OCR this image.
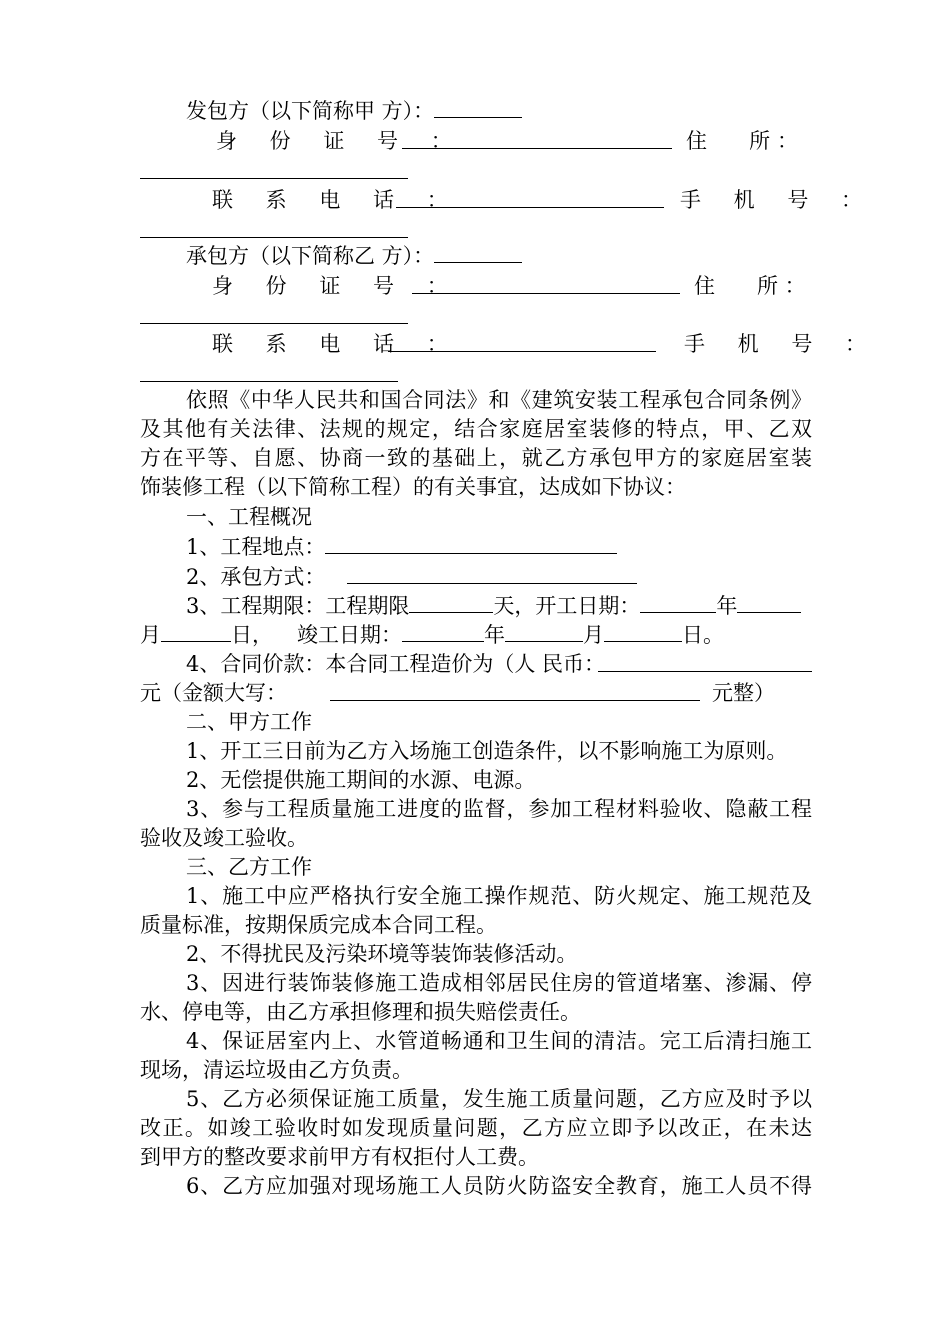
发包方（以下简称甲 方）：
身 份 证 号 ：	住　　所 ：
联 系 电 话 ：	手 机 号 ：
承包方（以下简称乙 方）：
身 份 证 号 ：	住　　所 ：
联 系 电 话 ：	手 机 号 ：
依照《中华人民共和国合同法》和《建筑安装工程承包合同条例》
及其他有关法律、法规的规定，结合家庭居室装修的特点，甲、乙双
方在平等、自愿、协商一致的基础上，就乙方承包甲方的家庭居室装
饰装修工程（以下简称工程）的有关事宜，达成如下协议：
一、工程概况
1、工程地点：
2、承包方式：
3、工程期限：工程期限	天，开工日期：	年
月	日， 竣工日期：	年	月	日。
4、合同价款：本合同工程造价为（人 民币：
元（金额大写：	元整）
二、甲方工作
1、开工三日前为乙方入场施工创造条件，以不影响施工为原则。
2、无偿提供施工期间的水源、电源。
3、参与工程质量施工进度的监督，参加工程材料验收、隐蔽工程
验收及竣工验收。
三、乙方工作
1、施工中应严格执行安全施工操作规范、防火规定、施工规范及
质量标准，按期保质完成本合同工程。
2、不得扰民及污染环境等装饰装修活动。
3、因进行装饰装修施工造成相邻居民住房的管道堵塞、渗漏、停
水、停电等，由乙方承担修理和损失赔偿责任。
4、保证居室内上、水管道畅通和卫生间的清洁。完工后清扫施工
现场，清运垃圾由乙方负责。
5、乙方必须保证施工质量，发生施工质量问题，乙方应及时予以
改正。如竣工验收时如发现质量问题，乙方应立即予以改正，在未达
到甲方的整改要求前甲方有权拒付人工费。
6、乙方应加强对现场施工人员防火防盗安全教育，施工人员不得
